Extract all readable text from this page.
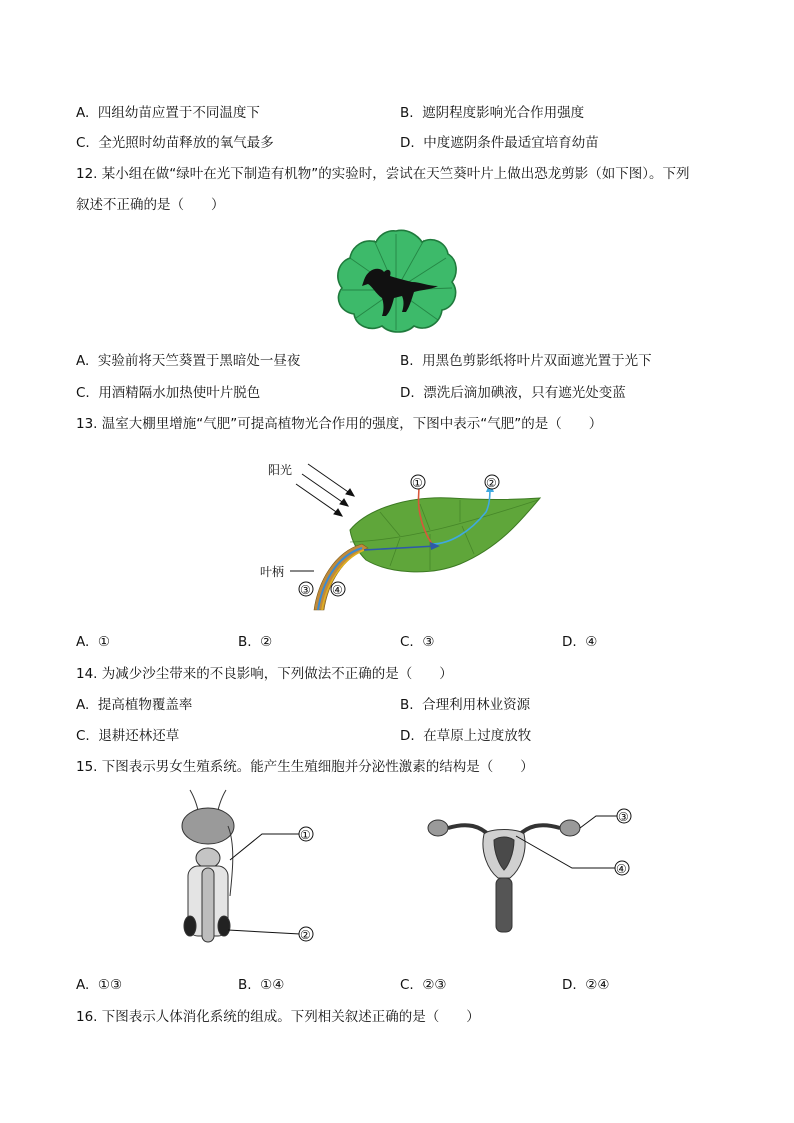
A. 四组幼苗应置于不同温度下	B. 遮阴程度影响光合作用强度
C. 全光照时幼苗释放的氧气最多	D. 中度遮阴条件最适宜培育幼苗
12. 某小组在做“绿叶在光下制造有机物”的实验时，尝试在天竺葵叶片上做出恐龙剪影（如下图）。下列
叙述不正确的是（　　）
A. 实验前将天竺葵置于黑暗处一昼夜	B. 用黑色剪影纸将叶片双面遮光置于光下
C. 用酒精隔水加热使叶片脱色	D. 漂洗后滴加碘液，只有遮光处变蓝
13. 温室大棚里增施“气肥”可提高植物光合作用的强度，下图中表示“气肥”的是（　　）
阳光
①	②
叶柄
③ ④
A. ①	B. ②	C. ③	D. ④
14. 为减少沙尘带来的不良影响，下列做法不正确的是（　　）
A. 提高植物覆盖率	B. 合理利用林业资源
C. 退耕还林还草	D. 在草原上过度放牧
15. 下图表示男女生殖系统。能产生生殖细胞并分泌性激素的结构是（　　）
①
②
③
④
A. ①③	B. ①④	C. ②③	D. ②④
16. 下图表示人体消化系统的组成。下列相关叙述正确的是（　　）
